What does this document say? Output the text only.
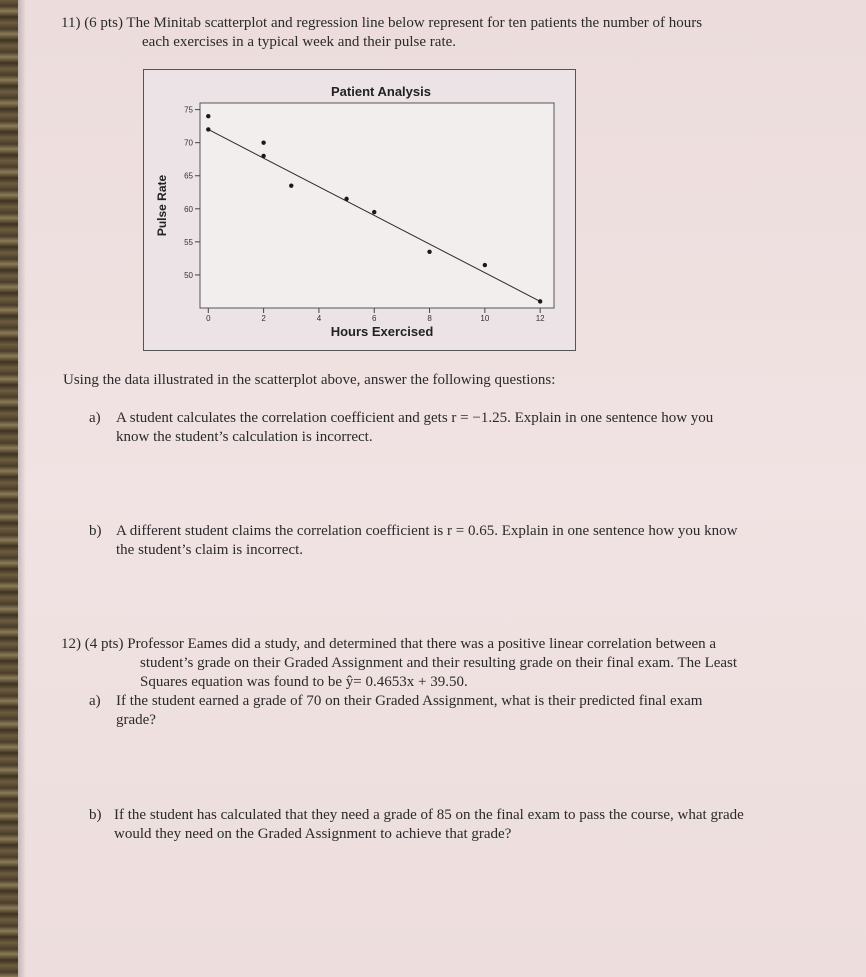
11) (6 pts) The Minitab scatterplot and regression line below represent for ten patients the number of hours
each exercises in a typical week and their pulse rate.
Patient Analysis
Hours Exercised
Pulse Rate
50
55
60
65
70
75
0	2	4	6	8	10	12
Using the data illustrated in the scatterplot above, answer the following questions:
a) A student calculates the correlation coefficient and gets r = −1.25. Explain in one sentence how you
know the student’s calculation is incorrect.
b) A different student claims the correlation coefficient is r = 0.65. Explain in one sentence how you know
the student’s claim is incorrect.
12) (4 pts) Professor Eames did a study, and determined that there was a positive linear correlation between a
student’s grade on their Graded Assignment and their resulting grade on their final exam. The Least
Squares equation was found to be ŷ= 0.4653x + 39.50.
a) If the student earned a grade of 70 on their Graded Assignment, what is their predicted final exam
grade?
b) If the student has calculated that they need a grade of 85 on the final exam to pass the course, what grade
would they need on the Graded Assignment to achieve that grade?
